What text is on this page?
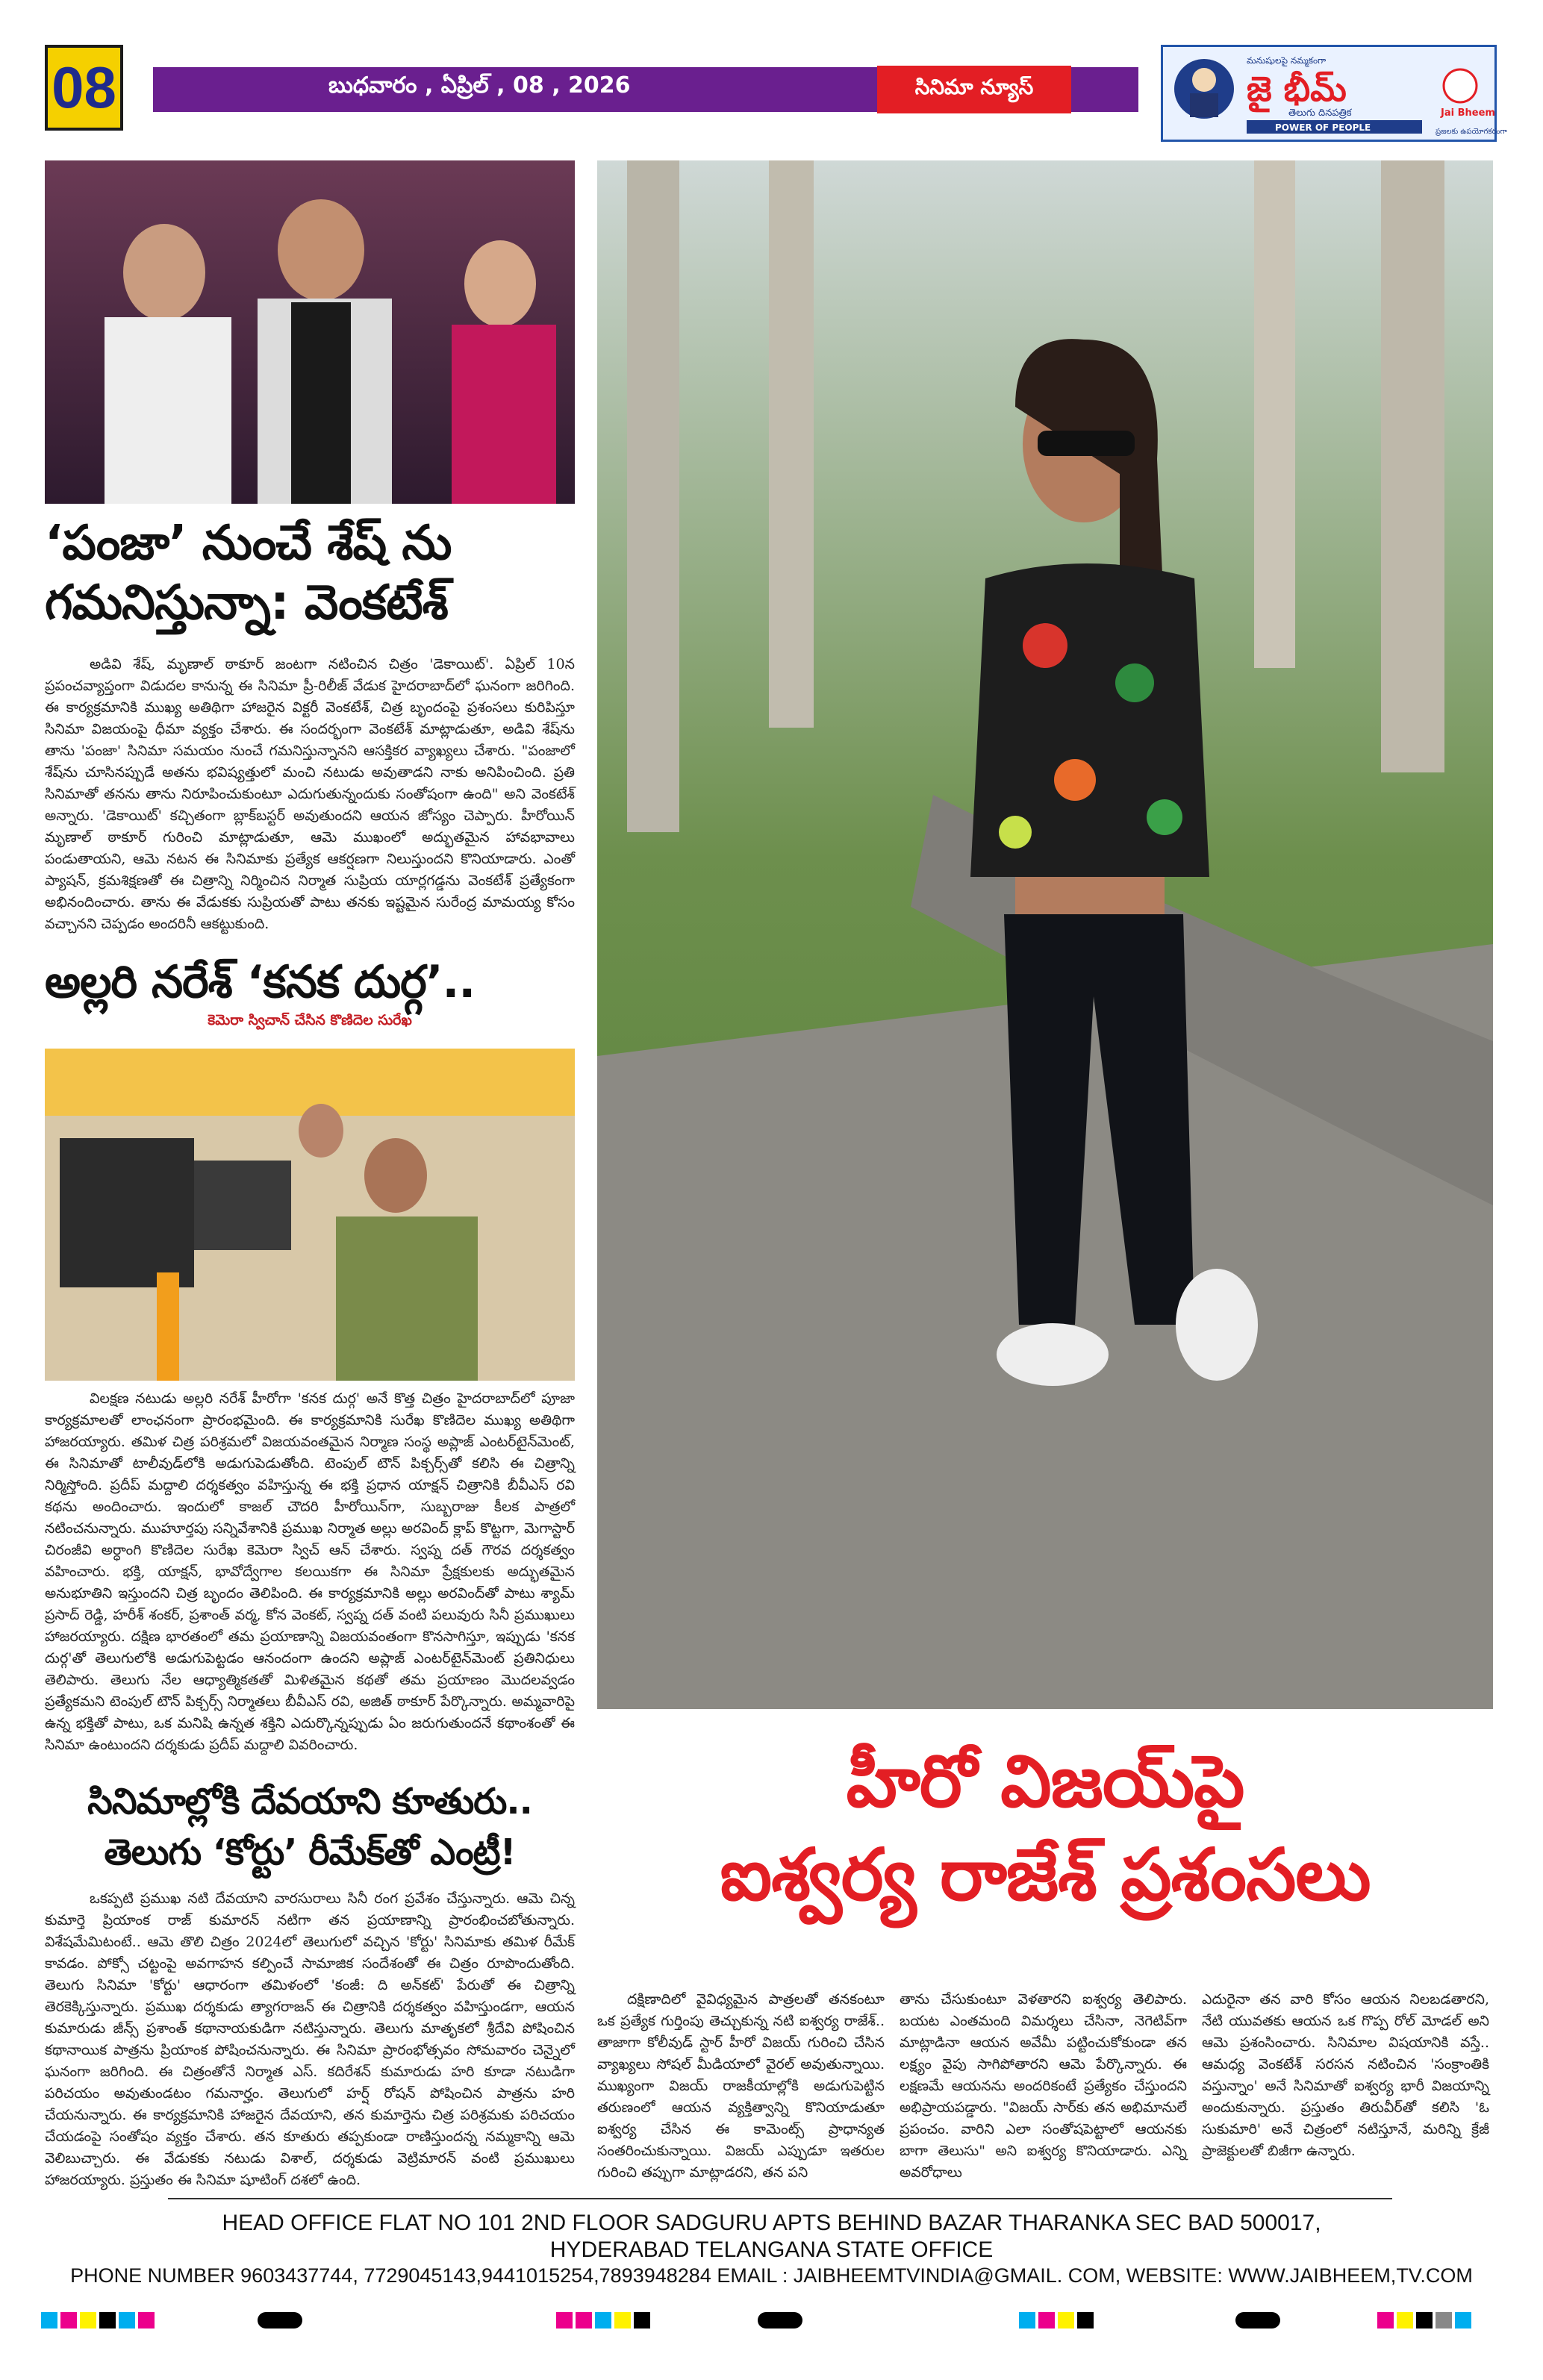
08	బుధవారం , ఏప్రిల్ , 08 , 2026	సినిమా న్యూస్
మనుషులపై నమ్మకంగా
జై భీమ్
తెలుగు దినపత్రిక
POWER OF PEOPLE
Jai Bheem
ప్రజలకు ఉపయోగకరంగా
‘పంజా’ నుంచే శేష్ ను
గమనిస్తున్నా: వెంకటేశ్
అడివి శేష్, మృణాల్ ఠాకూర్ జంటగా నటించిన చిత్రం 'డెకాయిట్'. ఏప్రిల్ 10న ప్రపంచవ్యాప్తంగా విడుదల కానున్న ఈ సినిమా ప్రీ-రిలీజ్ వేడుక హైదరాబాద్‌లో ఘనంగా జరిగింది. ఈ కార్యక్రమానికి ముఖ్య అతిథిగా హాజరైన విక్టరీ వెంకటేశ్, చిత్ర బృందంపై ప్రశంసలు కురిపిస్తూ సినిమా విజయంపై ధీమా వ్యక్తం చేశారు. ఈ సందర్భంగా వెంకటేశ్ మాట్లాడుతూ, అడివి శేష్‌ను తాను 'పంజా' సినిమా సమయం నుంచే గమనిస్తున్నానని ఆసక్తికర వ్యాఖ్యలు చేశారు. "పంజాలో శేష్‌ను చూసినప్పుడే అతను భవిష్యత్తులో మంచి నటుడు అవుతాడని నాకు అనిపించింది. ప్రతి సినిమాతో తనను తాను నిరూపించుకుంటూ ఎదుగుతున్నందుకు సంతోషంగా ఉంది" అని వెంకటేశ్ అన్నారు. 'డెకాయిట్' కచ్చితంగా బ్లాక్‌బస్టర్ అవుతుందని ఆయన జోస్యం చెప్పారు. హీరోయిన్ మృణాల్ ఠాకూర్ గురించి మాట్లాడుతూ, ఆమె ముఖంలో అద్భుతమైన హావభావాలు పండుతాయని, ఆమె నటన ఈ సినిమాకు ప్రత్యేక ఆకర్షణగా నిలుస్తుందని కొనియాడారు. ఎంతో ప్యాషన్, క్రమశిక్షణతో ఈ చిత్రాన్ని నిర్మించిన నిర్మాత సుప్రియ యార్లగడ్డను వెంకటేశ్ ప్రత్యేకంగా అభినందించారు. తాను ఈ వేడుకకు సుప్రియతో పాటు తనకు ఇష్టమైన సురేంద్ర మామయ్య కోసం వచ్చానని చెప్పడం అందరినీ ఆకట్టుకుంది.
అల్లరి నరేశ్ ‘కనక దుర్గ’..
కెమెరా స్విచాన్ చేసిన కొణిదెల సురేఖ
విలక్షణ నటుడు అల్లరి నరేశ్ హీరోగా 'కనక దుర్గ' అనే కొత్త చిత్రం హైదరాబాద్‌లో పూజా కార్యక్రమాలతో లాంఛనంగా ప్రారంభమైంది. ఈ కార్యక్రమానికి సురేఖ కొణిదెల ముఖ్య అతిథిగా హాజరయ్యారు. తమిళ చిత్ర పరిశ్రమలో విజయవంతమైన నిర్మాణ సంస్థ అప్లాజ్ ఎంటర్‌టైన్‌మెంట్, ఈ సినిమాతో టాలీవుడ్‌లోకి అడుగుపెడుతోంది. టెంపుల్ టౌన్ పిక్చర్స్‌తో కలిసి ఈ చిత్రాన్ని నిర్మిస్తోంది. ప్రదీప్ మద్దాలి దర్శకత్వం వహిస్తున్న ఈ భక్తి ప్రధాన యాక్షన్ చిత్రానికి బీవీఎస్ రవి కథను అందించారు. ఇందులో కాజల్ చౌదరి హీరోయిన్‌గా, సుబ్బరాజు కీలక పాత్రలో నటించనున్నారు. ముహూర్తపు సన్నివేశానికి ప్రముఖ నిర్మాత అల్లు అరవింద్ క్లాప్ కొట్టగా, మెగాస్టార్ చిరంజీవి అర్ధాంగి కొణిదెల సురేఖ కెమెరా స్విచ్ ఆన్ చేశారు. స్వప్న దత్ గౌరవ దర్శకత్వం వహించారు. భక్తి, యాక్షన్, భావోద్వేగాల కలయికగా ఈ సినిమా ప్రేక్షకులకు అద్భుతమైన అనుభూతిని ఇస్తుందని చిత్ర బృందం తెలిపింది. ఈ కార్యక్రమానికి అల్లు అరవింద్‌తో పాటు శ్యామ్ ప్రసాద్ రెడ్డి, హరీశ్ శంకర్, ప్రశాంత్ వర్మ, కోన వెంకట్, స్వప్న దత్ వంటి పలువురు సినీ ప్రముఖులు హాజరయ్యారు. దక్షిణ భారతంలో తమ ప్రయాణాన్ని విజయవంతంగా కొనసాగిస్తూ, ఇప్పుడు 'కనక దుర్గ'తో తెలుగులోకి అడుగుపెట్టడం ఆనందంగా ఉందని అప్లాజ్ ఎంటర్‌టైన్‌మెంట్ ప్రతినిధులు తెలిపారు. తెలుగు నేల ఆధ్యాత్మికతతో మిళితమైన కథతో తమ ప్రయాణం మొదలవ్వడం ప్రత్యేకమని టెంపుల్ టౌన్ పిక్చర్స్ నిర్మాతలు బీవీఎస్ రవి, అజిత్ ఠాకూర్ పేర్కొన్నారు. అమ్మవారిపై ఉన్న భక్తితో పాటు, ఒక మనిషి ఉన్నత శక్తిని ఎదుర్కొన్నప్పుడు ఏం జరుగుతుందనే కథాంశంతో ఈ సినిమా ఉంటుందని దర్శకుడు ప్రదీప్ మద్దాలి వివరించారు.
సినిమాల్లోకి దేవయాని కూతురు..
తెలుగు ‘కోర్టు’ రీమేక్‌తో ఎంట్రీ!
ఒకప్పటి ప్రముఖ నటి దేవయాని వారసురాలు సినీ రంగ ప్రవేశం చేస్తున్నారు. ఆమె చిన్న కుమార్తె ప్రియాంక రాజ్ కుమారన్ నటిగా తన ప్రయాణాన్ని ప్రారంభించబోతున్నారు. విశేషమేమిటంటే.. ఆమె తొలి చిత్రం 2024లో తెలుగులో వచ్చిన 'కోర్టు' సినిమాకు తమిళ రీమేక్ కావడం. పోక్సో చట్టంపై అవగాహన కల్పించే సామాజిక సందేశంతో ఈ చిత్రం రూపొందుతోంది. తెలుగు సినిమా 'కోర్టు' ఆధారంగా తమిళంలో 'కంజీ: ది అన్‌కట్' పేరుతో ఈ చిత్రాన్ని తెరకెక్కిస్తున్నారు. ప్రముఖ దర్శకుడు త్యాగరాజన్ ఈ చిత్రానికి దర్శకత్వం వహిస్తుండగా, ఆయన కుమారుడు జీన్స్ ప్రశాంత్ కథానాయకుడిగా నటిస్తున్నారు. తెలుగు మాతృకలో శ్రీదేవి పోషించిన కథానాయిక పాత్రను ప్రియాంక పోషించనున్నారు. ఈ సినిమా ప్రారంభోత్సవం సోమవారం చెన్నైలో ఘనంగా జరిగింది. ఈ చిత్రంతోనే నిర్మాత ఎస్. కదిరేశన్ కుమారుడు హరి కూడా నటుడిగా పరిచయం అవుతుండటం గమనార్హం. తెలుగులో హర్ష్ రోషన్ పోషించిన పాత్రను హరి చేయనున్నారు. ఈ కార్యక్రమానికి హాజరైన దేవయాని, తన కుమార్తెను చిత్ర పరిశ్రమకు పరిచయం చేయడంపై సంతోషం వ్యక్తం చేశారు. తన కూతురు తప్పకుండా రాణిస్తుందన్న నమ్మకాన్ని ఆమె వెలిబుచ్చారు. ఈ వేడుకకు నటుడు విశాల్, దర్శకుడు వెట్రిమారన్ వంటి ప్రముఖులు హాజరయ్యారు. ప్రస్తుతం ఈ సినిమా షూటింగ్ దశలో ఉంది.
హీరో విజయ్‌పై
ఐశ్వర్య రాజేశ్ ప్రశంసలు
దక్షిణాదిలో వైవిధ్యమైన పాత్రలతో తనకంటూ ఒక ప్రత్యేక గుర్తింపు తెచ్చుకున్న నటి ఐశ్వర్య రాజేశ్.. తాజాగా కోలీవుడ్ స్టార్ హీరో విజయ్ గురించి చేసిన వ్యాఖ్యలు సోషల్ మీడియాలో వైరల్ అవుతున్నాయి. ముఖ్యంగా విజయ్ రాజకీయాల్లోకి అడుగుపెట్టిన తరుణంలో ఆయన వ్యక్తిత్వాన్ని కొనియాడుతూ ఐశ్వర్య చేసిన ఈ కామెంట్స్ ప్రాధాన్యత సంతరించుకున్నాయి. విజయ్ ఎప్పుడూ ఇతరుల గురించి తప్పుగా మాట్లాడరని, తన పని
తాను చేసుకుంటూ వెళతారని ఐశ్వర్య తెలిపారు. బయట ఎంతమంది విమర్శలు చేసినా, నెగెటివ్‌గా మాట్లాడినా ఆయన అవేమీ పట్టించుకోకుండా తన లక్ష్యం వైపు సాగిపోతారని ఆమె పేర్కొన్నారు. ఈ లక్షణమే ఆయనను అందరికంటే ప్రత్యేకం చేస్తుందని అభిప్రాయపడ్డారు. "విజయ్ సార్‌కు తన అభిమానులే ప్రపంచం. వారిని ఎలా సంతోషపెట్టాలో ఆయనకు బాగా తెలుసు" అని ఐశ్వర్య కొనియాడారు. ఎన్ని అవరోధాలు
ఎదురైనా తన వారి కోసం ఆయన నిలబడతారని, నేటి యువతకు ఆయన ఒక గొప్ప రోల్ మోడల్ అని ఆమె ప్రశంసించారు. సినిమాల విషయానికి వస్తే.. ఆమధ్య వెంకటేశ్ సరసన నటించిన 'సంక్రాంతికి వస్తున్నాం' అనే సినిమాతో ఐశ్వర్య భారీ విజయాన్ని అందుకున్నారు. ప్రస్తుతం తిరువీర్‌తో కలిసి 'ఓ సుకుమారి' అనే చిత్రంలో నటిస్తూనే, మరిన్ని క్రేజీ ప్రాజెక్టులతో బిజీగా ఉన్నారు.
HEAD OFFICE FLAT NO 101 2ND FLOOR SADGURU APTS BEHIND BAZAR THARANKA SEC BAD 500017,
HYDERABAD TELANGANA STATE OFFICE
PHONE NUMBER 9603437744, 7729045143,9441015254,7893948284 EMAIL : JAIBHEEMTVINDIA@GMAIL. COM, WEBSITE: WWW.JAIBHEEM,TV.COM
